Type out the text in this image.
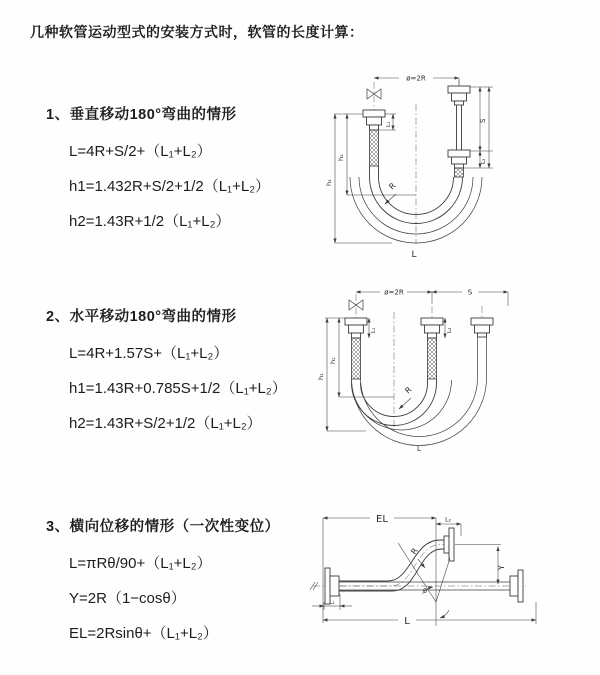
几种软管运动型式的安装方式时，软管的长度计算：
1、垂直移动180°弯曲的情形
L=4R+S/2+（L₁+L₂）
h1=1.432R+S/2+1/2（L₁+L₂）
h2=1.43R+1/2（L₁+L₂）
2、水平移动180°弯曲的情形
L=4R+1.57S+（L₁+L₂）
h1=1.43R+0.785S+1/2（L₁+L₂）
h2=1.43R+S/2+1/2（L₁+L₂）
3、横向位移的情形（一次性变位）
L=πRθ/90+（L₁+L₂）
Y=2R（1−cosθ）
EL=2Rsinθ+（L₁+L₂）
ø=2R
h₁
h₂
L₁
S
L₂
R
L
ø=2R	S
h₁
h₂
L₁	L₂
R
L
EL	L₂
Y
θ
R
L
L₁
